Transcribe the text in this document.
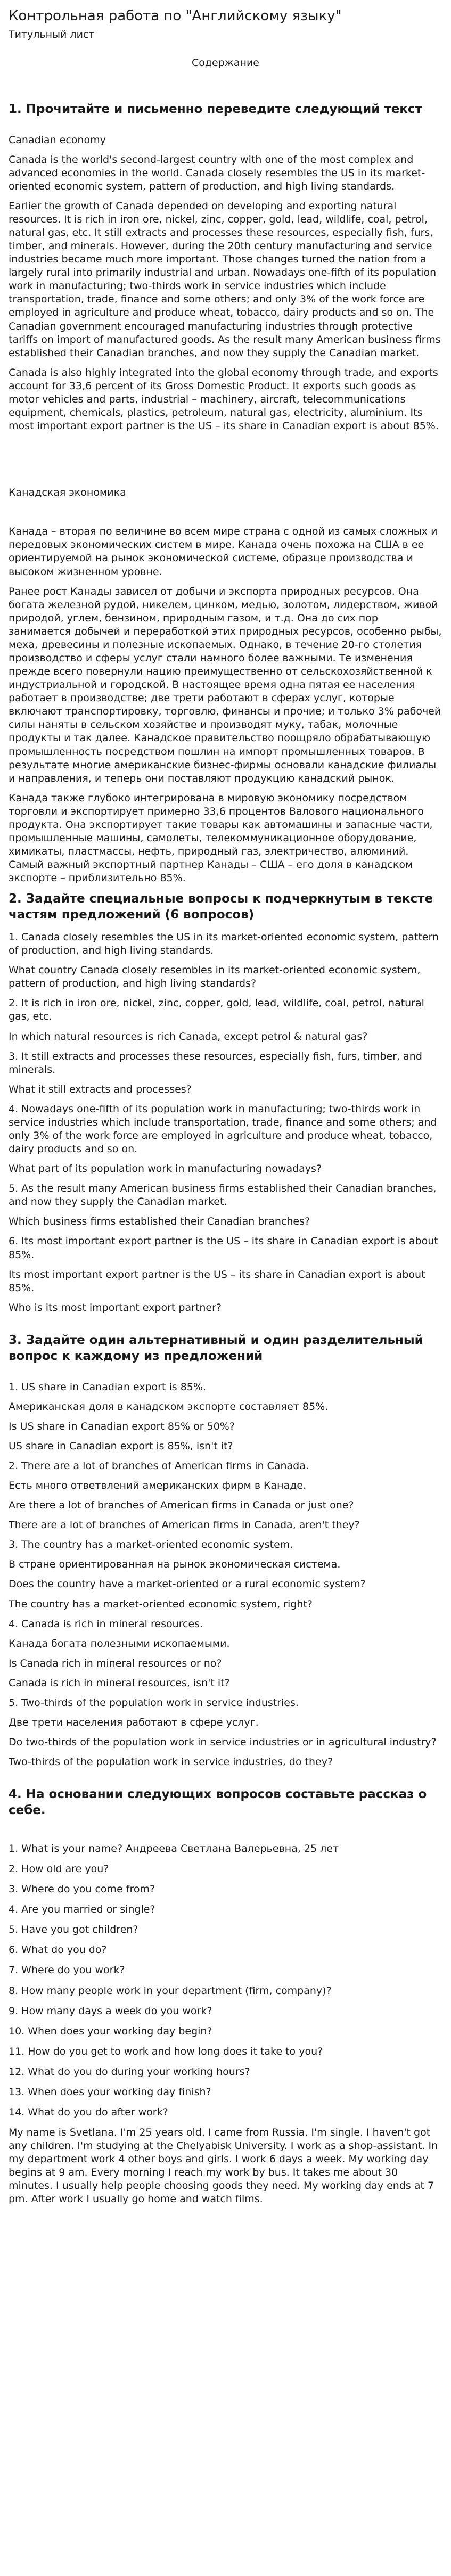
Контрольная работа по "Английскому языку"
Титульный лист
Содержание
1. Прочитайте и письменно переведите следующий текст

Canadian economy

Canada is the world's second-largest country with one of the most complex and advanced economies in the world. Canada closely resembles the US in its market-oriented economic system, pattern of production, and high living standards.

Earlier the growth of Canada depended on developing and exporting natural resources. It is rich in iron ore, nickel, zinc, copper, gold, lead, wildlife, coal, petrol, natural gas, etc. It still extracts and processes these resources, especially fish, furs, timber, and minerals. However, during the 20th century manufacturing and service industries became much more important. Those changes turned the nation from a largely rural into primarily industrial and urban. Nowadays one-fifth of its population work in manufacturing; two-thirds work in service industries which include transportation, trade, finance and some others; and only 3% of the work force are employed in agriculture and produce wheat, tobacco, dairy products and so on. The Canadian government encouraged manufacturing industries through protective tariffs on import of manufactured goods. As the result many American business firms established their Canadian branches, and now they supply the Canadian market.

Canada is also highly integrated into the global economy through trade, and exports account for 33,6 percent of its Gross Domestic Product. It exports such goods as motor vehicles and parts, industrial – machinery, aircraft, telecommunications equipment, chemicals, plastics, petroleum, natural gas, electricity, aluminium. Its most important export partner is the US – its share in Canadian export is about 85%.

Канадская экономика

Канада – вторая по величине во всем мире страна с одной из самых сложных и передовых экономических систем в мире. Канада очень похожа на США в ее ориентируемой на рынок экономической системе, образце производства и высоком жизненном уровне.

Ранее рост Канады зависел от добычи и экспорта природных ресурсов. Она богата железной рудой, никелем, цинком, медью, золотом, лидерством, живой природой, углем, бензином, природным газом, и т.д. Она до сих пор занимается добычей и переработкой этих природных ресурсов, особенно рыбы, меха, древесины и полезные ископаемых. Однако, в течение 20-го столетия производство и сферы услуг стали намного более важными. Те изменения прежде всего повернули нацию преимущественно от сельскохозяйственной к индустриальной и городской. В настоящее время одна пятая ее населения работает в производстве; две трети работают в сферах услуг, которые включают транспортировку, торговлю, финансы и прочие; и только 3% рабочей силы наняты в сельском хозяйстве и производят муку, табак, молочные продукты и так далее. Канадское правительство поощряло обрабатывающую промышленность посредством пошлин на импорт промышленных товаров. В результате многие американские бизнес-фирмы основали канадские филиалы и направления, и теперь они поставляют продукцию канадский рынок.

Канада также глубоко интегрирована в мировую экономику посредством торговли и экспортирует примерно 33,6 процентов Валового национального продукта. Она экспортирует такие товары как автомашины и запасные части, промышленные машины, самолеты, телекоммуникационное оборудование, химикаты, пластмассы, нефть, природный газ, электричество, алюминий. Самый важный экспортный партнер Канады – США – его доля в канадском экспорте – приблизительно 85%.

2. Задайте специальные вопросы к подчеркнутым в тексте частям предложений (6 вопросов)

1. Canada closely resembles the US in its market-oriented economic system, pattern of production, and high living standards.

What country Canada closely resembles in its market-oriented economic system, pattern of production, and high living standards?

2. It is rich in iron ore, nickel, zinc, copper, gold, lead, wildlife, coal, petrol, natural gas, etc.

In which natural resources is rich Canada, except petrol & natural gas?

3. It still extracts and processes these resources, especially fish, furs, timber, and minerals.

What it still extracts and processes?

4. Nowadays one-fifth of its population work in manufacturing; two-thirds work in service industries which include transportation, trade, finance and some others; and only 3% of the work force are employed in agriculture and produce wheat, tobacco, dairy products and so on.

What part of its population work in manufacturing nowadays?

5. As the result many American business firms established their Canadian branches, and now they supply the Canadian market.

Which business firms established their Canadian branches?

6. Its most important export partner is the US – its share in Canadian export is about 85%.

Its most important export partner is the US – its share in Canadian export is about 85%.

Who is its most important export partner?

3. Задайте один альтернативный и один разделительный вопрос к каждому из предложений

1. US share in Canadian export is 85%.

Американская доля в канадском экспорте составляет 85%.

Is US share in Canadian export 85% or 50%?

US share in Canadian export is 85%, isn't it?

2. There are a lot of branches of American firms in Canada.

Есть много ответвлений американских фирм в Канаде.

Are there a lot of branches of American firms in Canada or just one?

There are a lot of branches of American firms in Canada, aren't they?

3. The country has a market-oriented economic system.

В стране ориентированная на рынок экономическая система.

Does the country have a market-oriented or a rural economic system?

The country has a market-oriented economic system, right?

4. Canada is rich in mineral resources.

Канада богата полезными ископаемыми.

Is Canada rich in mineral resources or no?

Canada is rich in mineral resources, isn't it?

5. Two-thirds of the population work in service industries.

Две трети населения работают в сфере услуг.

Do two-thirds of the population work in service industries or in agricultural industry?

Two-thirds of the population work in service industries, do they?

4. На основании следующих вопросов составьте рассказ о себе.

1. What is your name? Андреева Светлана Валерьевна, 25 лет

2. How old are you?

3. Where do you come from?

4. Are you married or single?

5. Have you got children?

6. What do you do?

7. Where do you work?

8. How many people work in your department (firm, company)?

9. How many days a week do you work?

10. When does your working day begin?

11. How do you get to work and how long does it take to you?

12. What do you do during your working hours?

13. When does your working day finish?

14. What do you do after work?

My name is Svetlana. I'm 25 years old. I came from Russia. I'm single. I haven't got any children. I'm studying at the Chelyabisk University. I work as a shop-assistant. In my department work 4 other boys and girls. I work 6 days a week. My working day begins at 9 am. Every morning I reach my work by bus. It takes me about 30 minutes. I usually help people choosing goods they need. My working day ends at 7 pm. After work I usually go home and watch films.
